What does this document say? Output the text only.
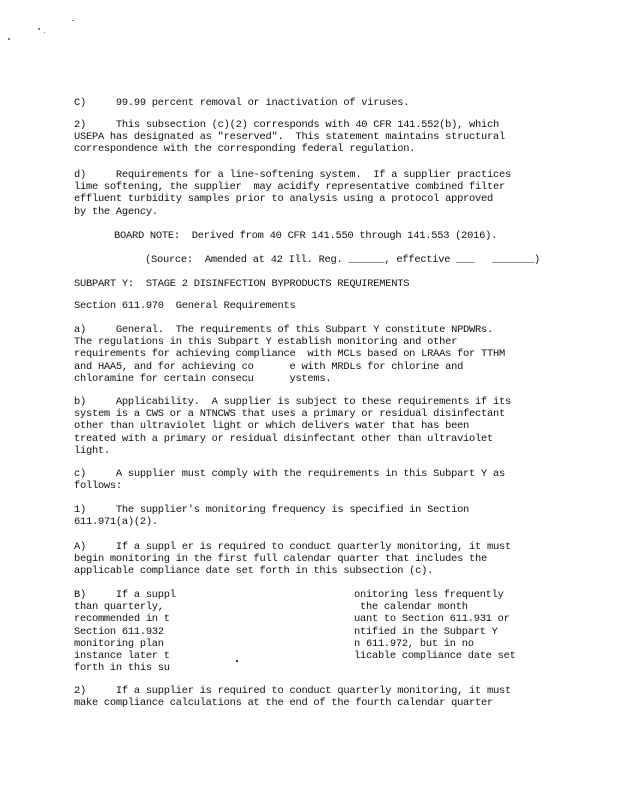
C)     99.99 percent removal or inactivation of viruses.
2)     This subsection (c)(2) corresponds with 40 CFR 141.552(b), which
USEPA has designated as "reserved".  This statement maintains structural
correspondence with the corresponding federal regulation.
d)     Requirements for a line-softening system.  If a supplier practices
lime softening, the supplier  may acidify representative combined filter
effluent turbidity samples prior to analysis using a protocol approved
by the Agency.
BOARD NOTE:  Derived from 40 CFR 141.550 through 141.553 (2016).
(Source:  Amended at 42 Ill. Reg. ______, effective ___   _______)
SUBPART Y:  STAGE 2 DISINFECTION BYPRODUCTS REQUIREMENTS
Section 611.970  General Requirements
a)     General.  The requirements of this Subpart Y constitute NPDWRs.
The regulations in this Subpart Y establish monitoring and other
requirements for achieving compliance  with MCLs based on LRAAs for TTHM
and HAA5, and for achieving co      e with MRDLs for chlorine and
chloramine for certain consecu      ystems.
b)     Applicability.  A supplier is subject to these requirements if its
system is a CWS or a NTNCWS that uses a primary or residual disinfectant
other than ultraviolet light or which delivers water that has been
treated with a primary or residual disinfectant other than ultraviolet
light.
c)     A supplier must comply with the requirements in this Subpart Y as
follows:
1)     The supplier's monitoring frequency is specified in Section
611.971(a)(2).
A)     If a suppl er is required to conduct quarterly monitoring, it must
begin monitoring in the first full calendar quarter that includes the
applicable compliance date set forth in this subsection (c).
B)     If a suppl
than quarterly,
recommended in t
Section 611.932
monitoring plan
instance later t
forth in this su
onitoring less frequently
the calendar month
uant to Section 611.931 or
ntified in the Subpart Y
n 611.972, but in no
licable compliance date set
2)     If a supplier is required to conduct quarterly monitoring, it must
make compliance calculations at the end of the fourth calendar quarter
